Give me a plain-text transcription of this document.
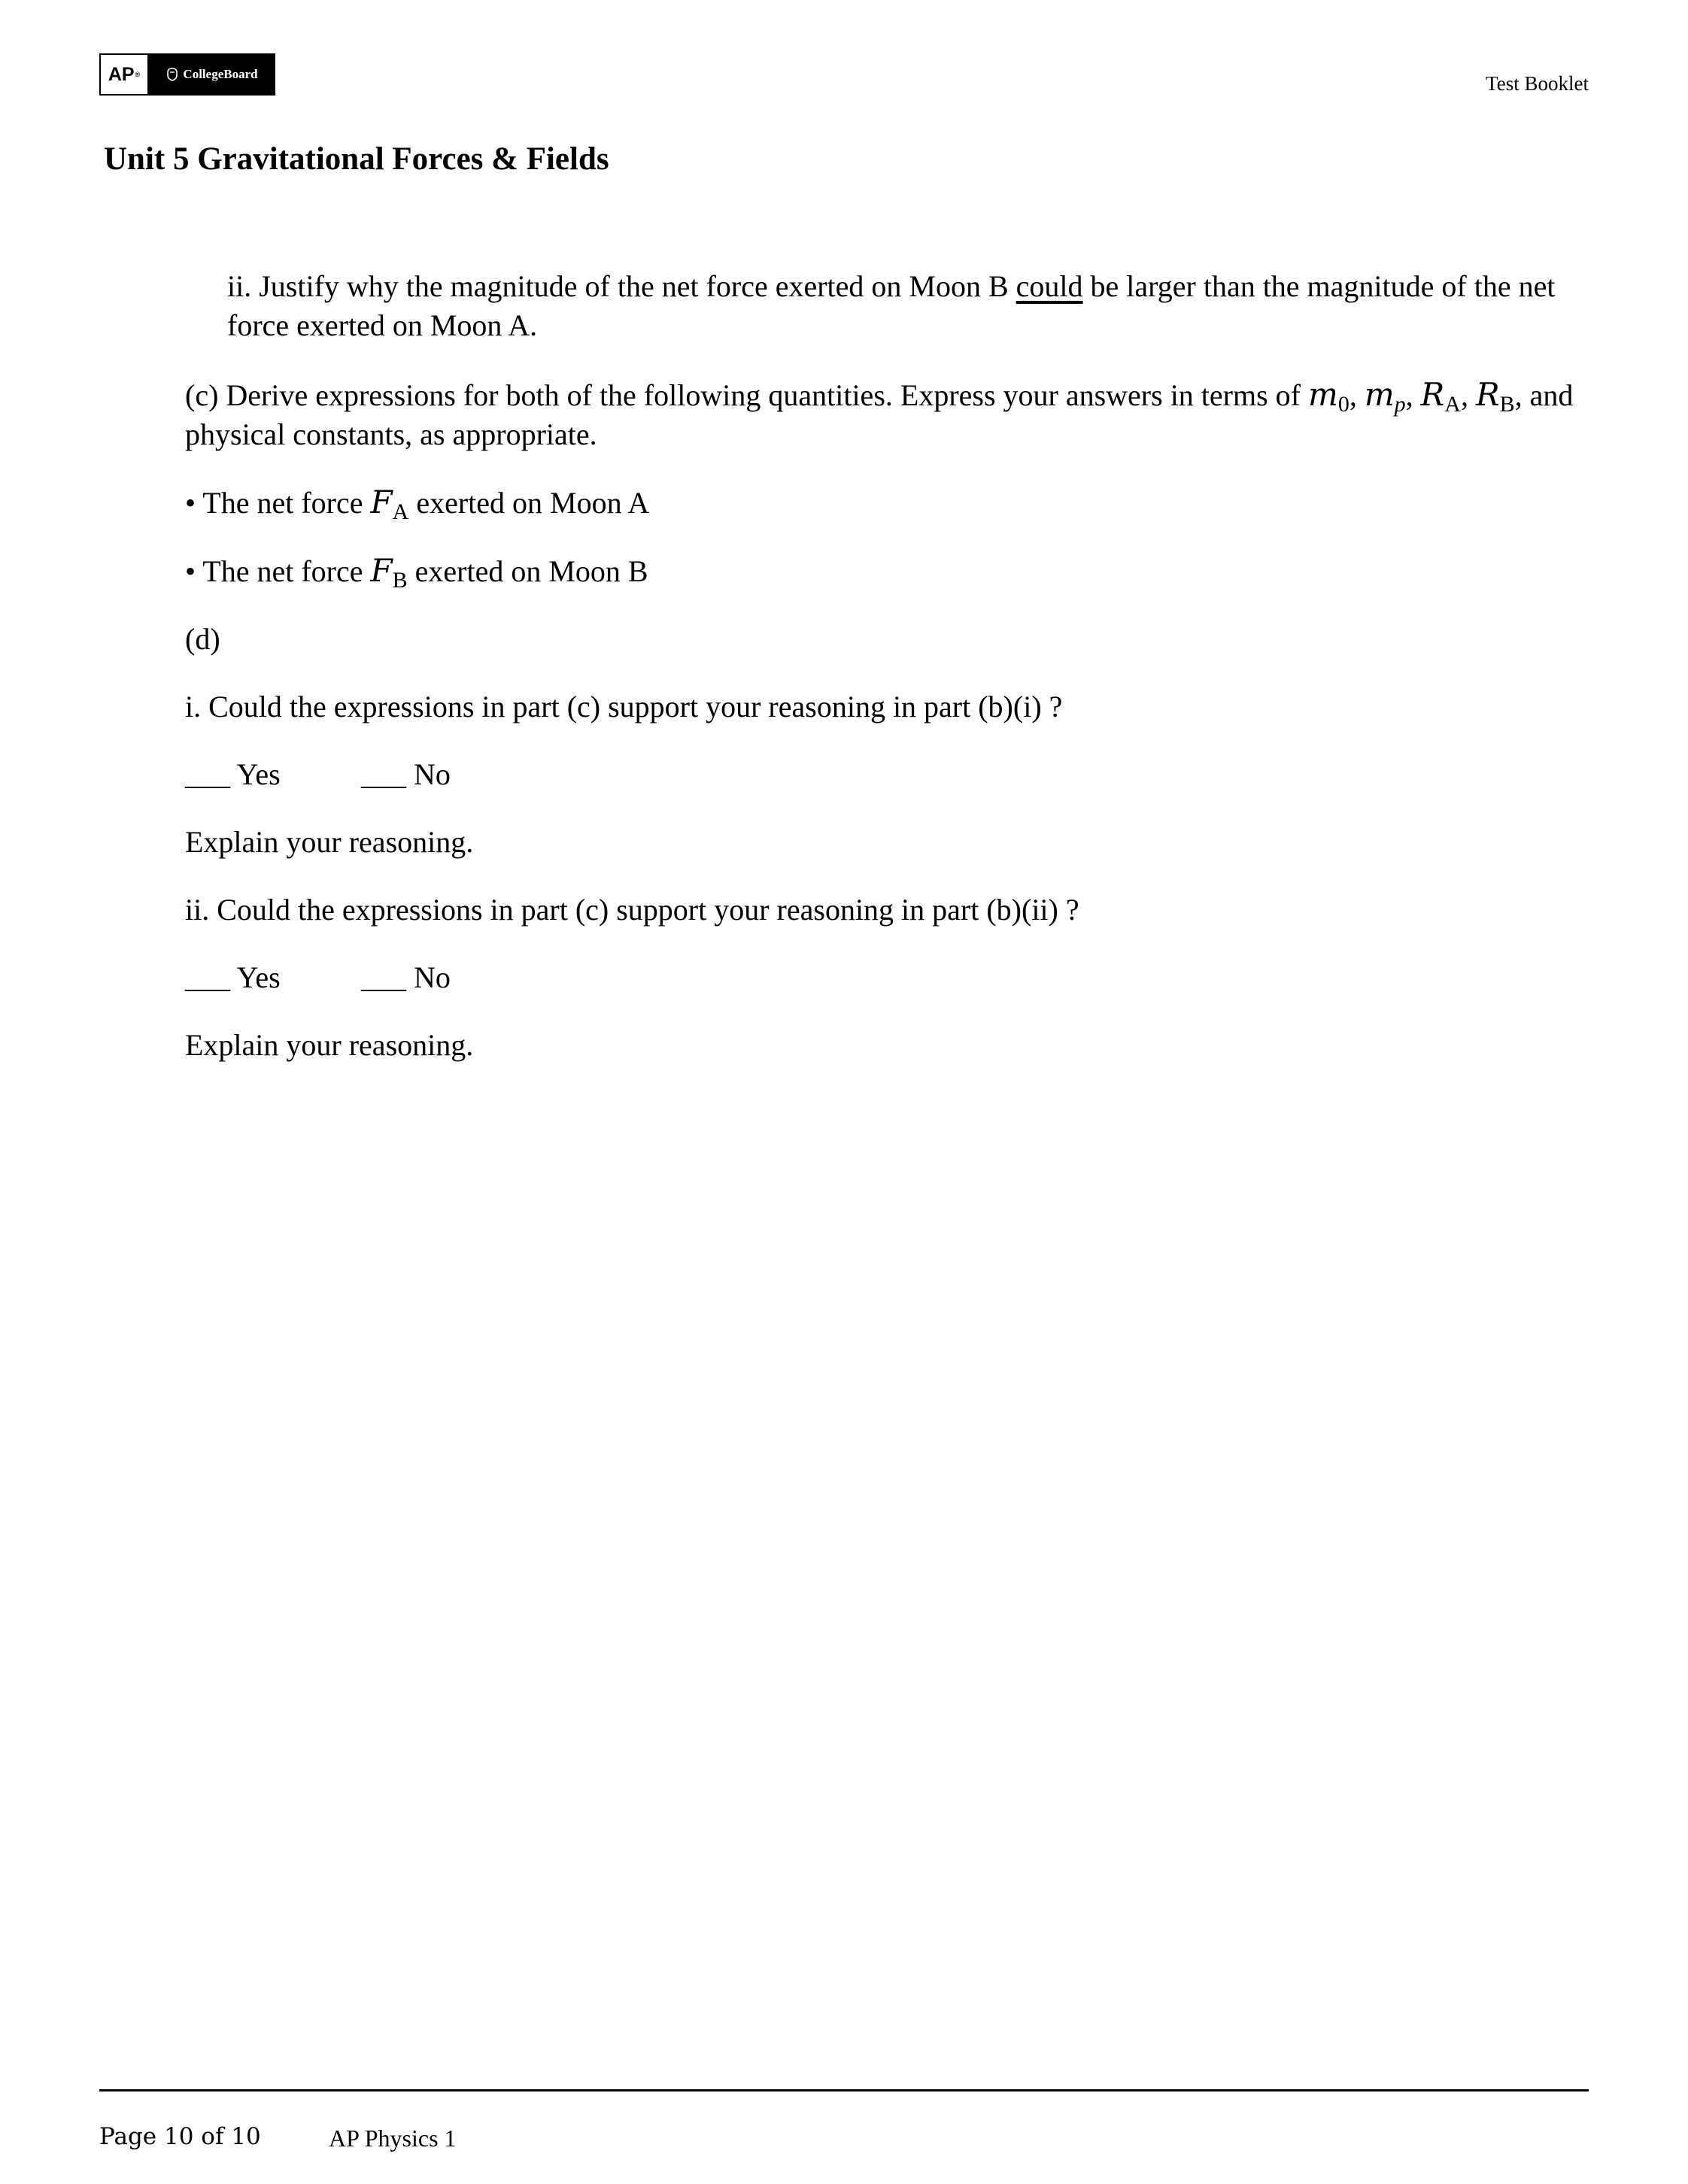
AP ®	CollegeBoard	Test Booklet
Unit 5 Gravitational Forces & Fields

ii. Justify why the magnitude of the net force exerted on Moon B could be larger than the magnitude of the net force exerted on Moon A.

(c) Derive expressions for both of the following quantities. Express your answers in terms of $m_0$, $m_p$, $R_A$, $R_B$, and physical constants, as appropriate.

• The net force $F_A$ exerted on Moon A

• The net force $F_B$ exerted on Moon B

(d)

i. Could the expressions in part (c) support your reasoning in part (b)(i) ?

___ Yes	___ No

Explain your reasoning.

ii. Could the expressions in part (c) support your reasoning in part (b)(ii) ?

___ Yes	___ No

Explain your reasoning.

Page 10 of 10	AP Physics 1
